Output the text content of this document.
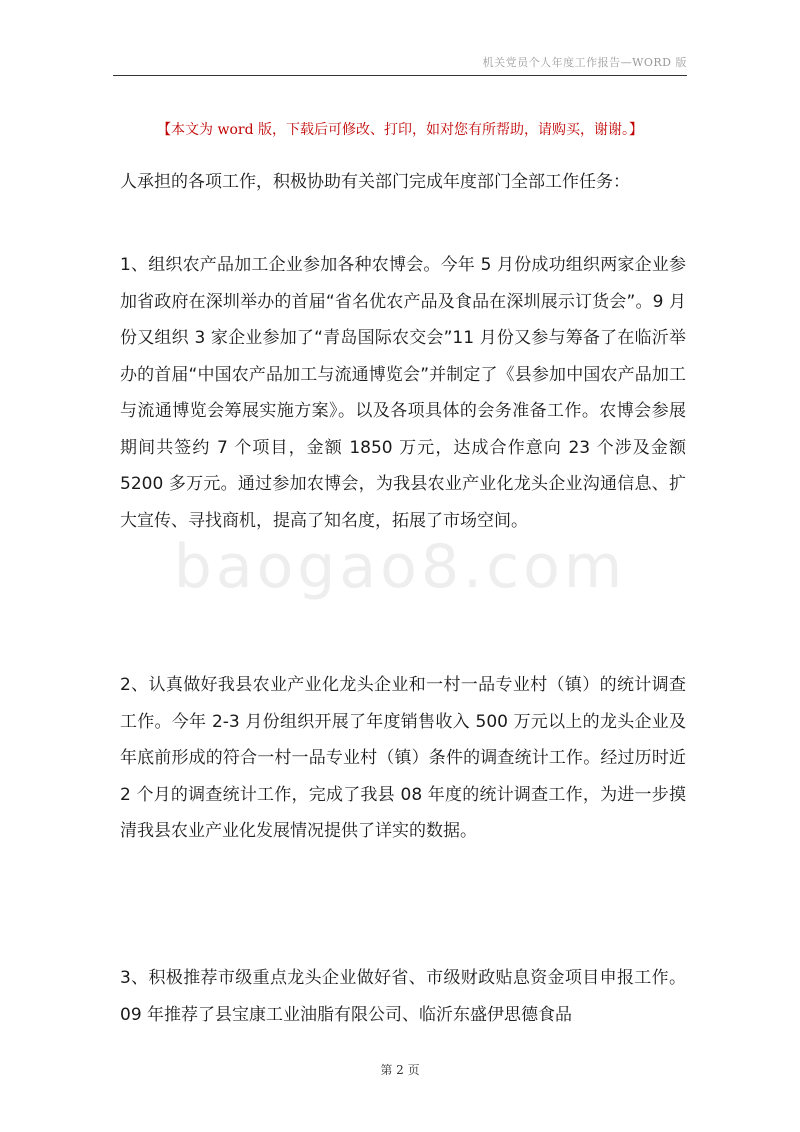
机关党员个人年度工作报告—WORD 版
【本文为 word 版，下载后可修改、打印，如对您有所帮助，请购买，谢谢。】
baogao8.com

人承担的各项工作，积极协助有关部门完成年度部门全部工作任务：

1、组织农产品加工企业参加各种农博会。今年 5 月份成功组织两家企业参加省政府在深圳举办的首届“省名优农产品及食品在深圳展示订货会”。9 月份又组织 3 家企业参加了“青岛国际农交会”11 月份又参与筹备了在临沂举办的首届“中国农产品加工与流通博览会”并制定了《县参加中国农产品加工与流通博览会筹展实施方案》。以及各项具体的会务准备工作。农博会参展期间共签约 7 个项目，金额 1850 万元，达成合作意向 23 个涉及金额 5200 多万元。通过参加农博会，为我县农业产业化龙头企业沟通信息、扩大宣传、寻找商机，提高了知名度，拓展了市场空间。

2、认真做好我县农业产业化龙头企业和一村一品专业村（镇）的统计调查工作。今年 2-3 月份组织开展了年度销售收入 500 万元以上的龙头企业及年底前形成的符合一村一品专业村（镇）条件的调查统计工作。经过历时近 2 个月的调查统计工作，完成了我县 08 年度的统计调查工作，为进一步摸清我县农业产业化发展情况提供了详实的数据。

3、积极推荐市级重点龙头企业做好省、市级财政贴息资金项目申报工作。09 年推荐了县宝康工业油脂有限公司、临沂东盛伊思德食品

第 2 页
